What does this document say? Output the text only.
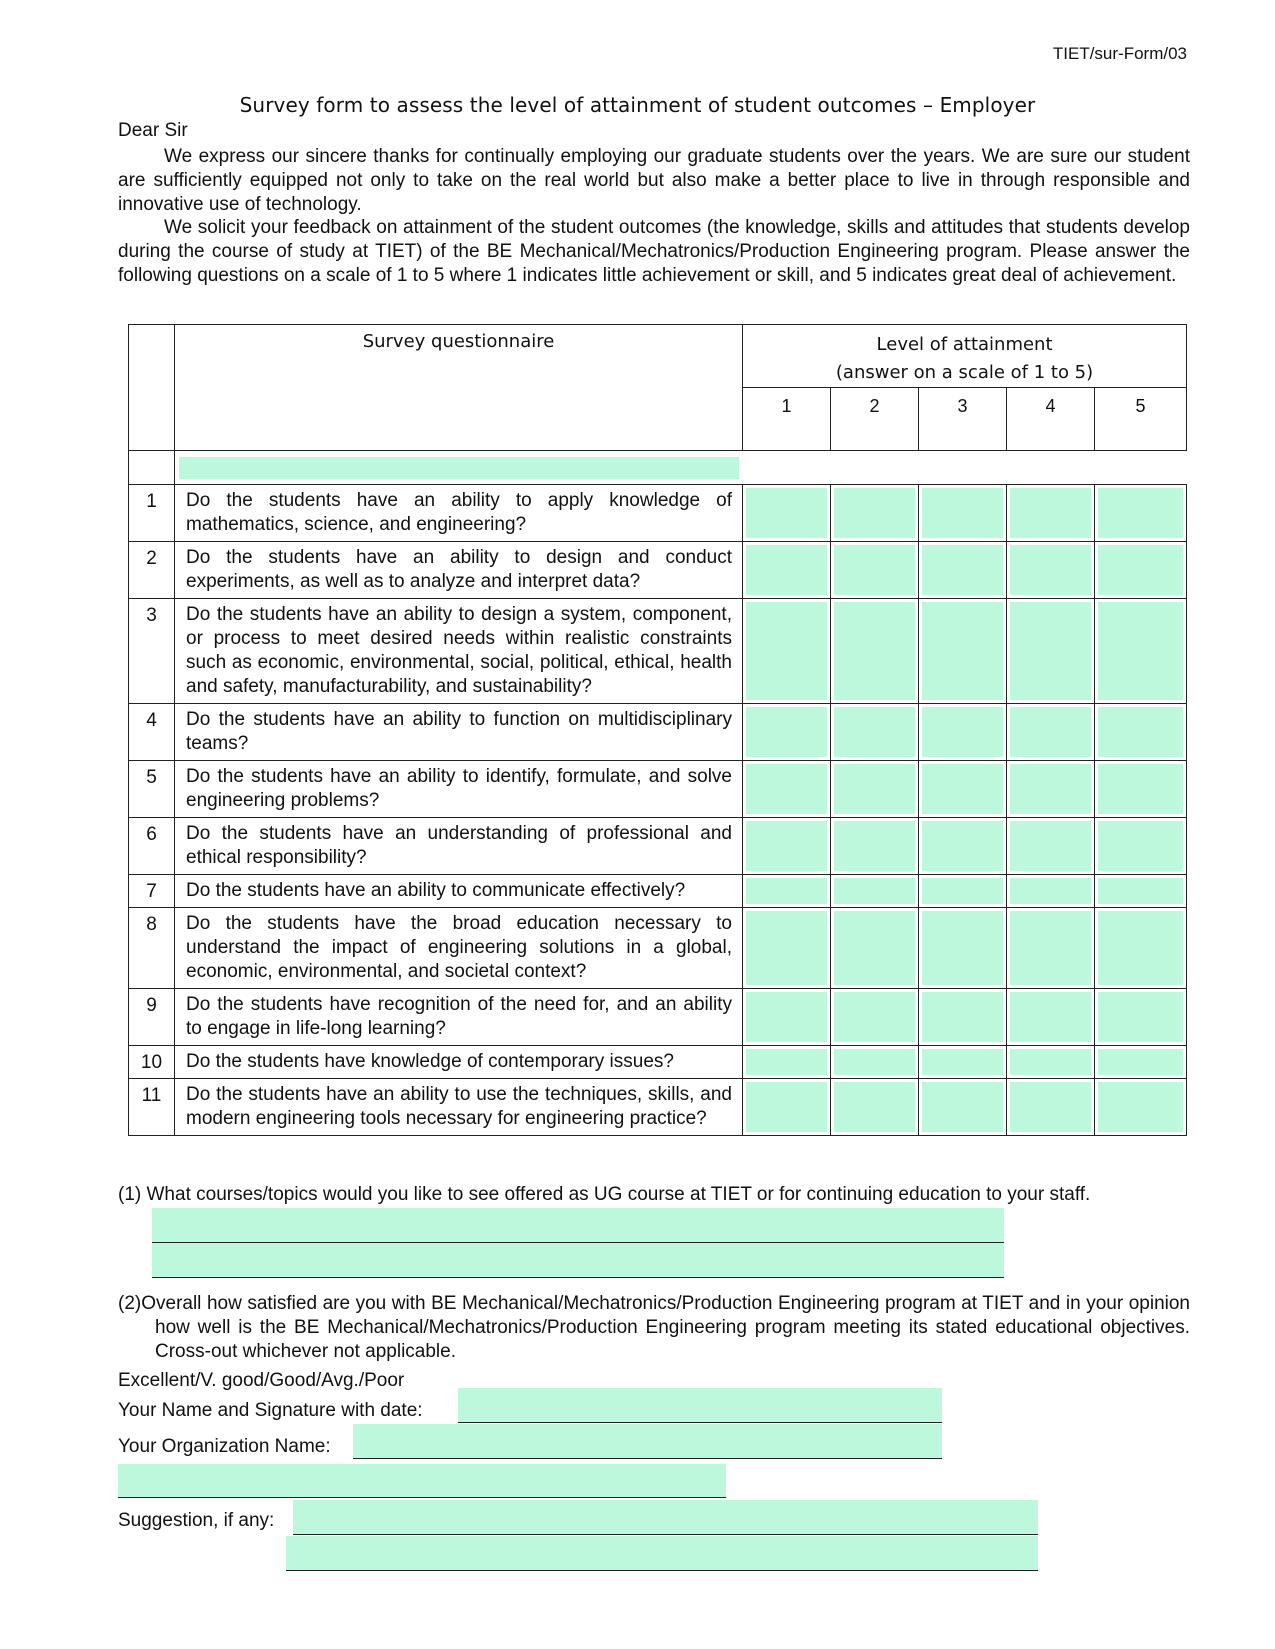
TIET/sur-Form/03
Survey form to assess the level of attainment of student outcomes – Employer
Dear Sir
We express our sincere thanks for continually employing our graduate students over the years. We are sure our student are sufficiently equipped not only to take on the real world but also make a better place to live in through responsible and innovative use of technology.
We solicit your feedback on attainment of the student outcomes (the knowledge, skills and attitudes that students develop during the course of study at TIET) of the BE Mechanical/Mechatronics/Production Engineering program. Please answer the following questions on a scale of 1 to 5 where 1 indicates little achievement or skill, and 5 indicates great deal of achievement.
	Survey questionnaire	Level of attainment
(answer on a scale of 1 to 5)				

		1	2	3	4	5

1	Do the students have an ability to apply knowledge of mathematics, science, and engineering?					
2	Do the students have an ability to design and conduct experiments, as well as to analyze and interpret data?					
3	Do the students have an ability to design a system, component, or process to meet desired needs within realistic constraints such as economic, environmental, social, political, ethical, health and safety, manufacturability, and sustainability?					
4	Do the students have an ability to function on multidisciplinary teams?					
5	Do the students have an ability to identify, formulate, and solve engineering problems?					
6	Do the students have an understanding of professional and ethical responsibility?					
7	Do the students have an ability to communicate effectively?					
8	Do the students have the broad education necessary to understand the impact of engineering solutions in a global, economic, environmental, and societal context?					
9	Do the students have recognition of the need for, and an ability to engage in life-long learning?					
10	Do the students have knowledge of contemporary issues?					
11	Do the students have an ability to use the techniques, skills, and modern engineering tools necessary for engineering practice?					
(1) What courses/topics would you like to see offered as UG course at TIET or for continuing education to your staff.
(2)Overall how satisfied are you with BE Mechanical/Mechatronics/Production Engineering program at TIET and in your opinion how well is the BE Mechanical/Mechatronics/Production Engineering program meeting its stated educational objectives. Cross-out whichever not applicable.
Excellent/V. good/Good/Avg./Poor
Your Name and Signature with date:
Your Organization Name:
Suggestion, if any:
